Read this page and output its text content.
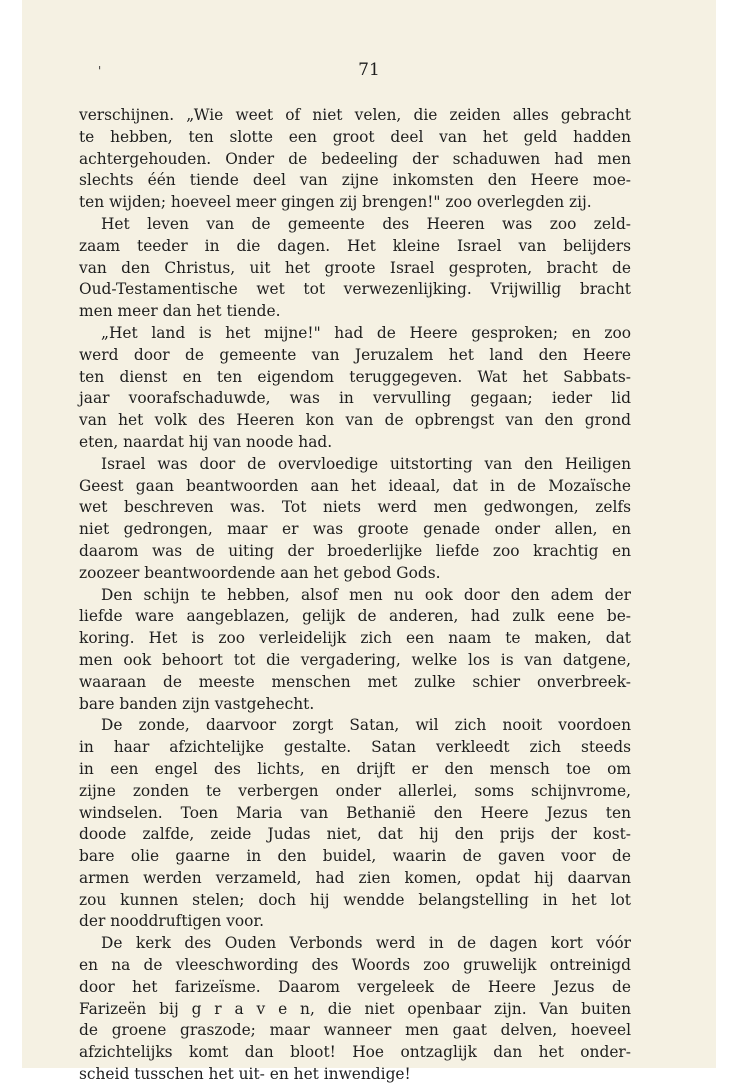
'	71
verschijnen. „Wie weet of niet velen, die zeiden alles gebracht
te hebben, ten slotte een groot deel van het geld hadden
achtergehouden. Onder de bedeeling der schaduwen had men
slechts één tiende deel van zijne inkomsten den Heere moe-
ten wijden; hoeveel meer gingen zij brengen!" zoo overlegden zij.
Het leven van de gemeente des Heeren was zoo zeld-
zaam teeder in die dagen. Het kleine Israel van belijders
van den Christus, uit het groote Israel gesproten, bracht de
Oud-Testamentische wet tot verwezenlijking. Vrijwillig bracht
men meer dan het tiende.
„Het land is het mijne!" had de Heere gesproken; en zoo
werd door de gemeente van Jeruzalem het land den Heere
ten dienst en ten eigendom teruggegeven. Wat het Sabbats-
jaar voorafschaduwde, was in vervulling gegaan; ieder lid
van het volk des Heeren kon van de opbrengst van den grond
eten, naardat hij van noode had.
Israel was door de overvloedige uitstorting van den Heiligen
Geest gaan beantwoorden aan het ideaal, dat in de Mozaïsche
wet beschreven was. Tot niets werd men gedwongen, zelfs
niet gedrongen, maar er was groote genade onder allen, en
daarom was de uiting der broederlijke liefde zoo krachtig en
zoozeer beantwoordende aan het gebod Gods.
Den schijn te hebben, alsof men nu ook door den adem der
liefde ware aangeblazen, gelijk de anderen, had zulk eene be-
koring. Het is zoo verleidelijk zich een naam te maken, dat
men ook behoort tot die vergadering, welke los is van datgene,
waaraan de meeste menschen met zulke schier onverbreek-
bare banden zijn vastgehecht.
De zonde, daarvoor zorgt Satan, wil zich nooit voordoen
in haar afzichtelijke gestalte. Satan verkleedt zich steeds
in een engel des lichts, en drijft er den mensch toe om
zijne zonden te verbergen onder allerlei, soms schijnvrome,
windselen. Toen Maria van Bethanië den Heere Jezus ten
doode zalfde, zeide Judas niet, dat hij den prijs der kost-
bare olie gaarne in den buidel, waarin de gaven voor de
armen werden verzameld, had zien komen, opdat hij daarvan
zou kunnen stelen; doch hij wendde belangstelling in het lot
der nooddruftigen voor.
De kerk des Ouden Verbonds werd in de dagen kort vóór
en na de vleeschwording des Woords zoo gruwelijk ontreinigd
door het farizeïsme. Daarom vergeleek de Heere Jezus de
Farizeën bij g r a v e n, die niet openbaar zijn. Van buiten
de groene graszode; maar wanneer men gaat delven, hoeveel
afzichtelijks komt dan bloot! Hoe ontzaglijk dan het onder-
scheid tusschen het uit- en het inwendige!
